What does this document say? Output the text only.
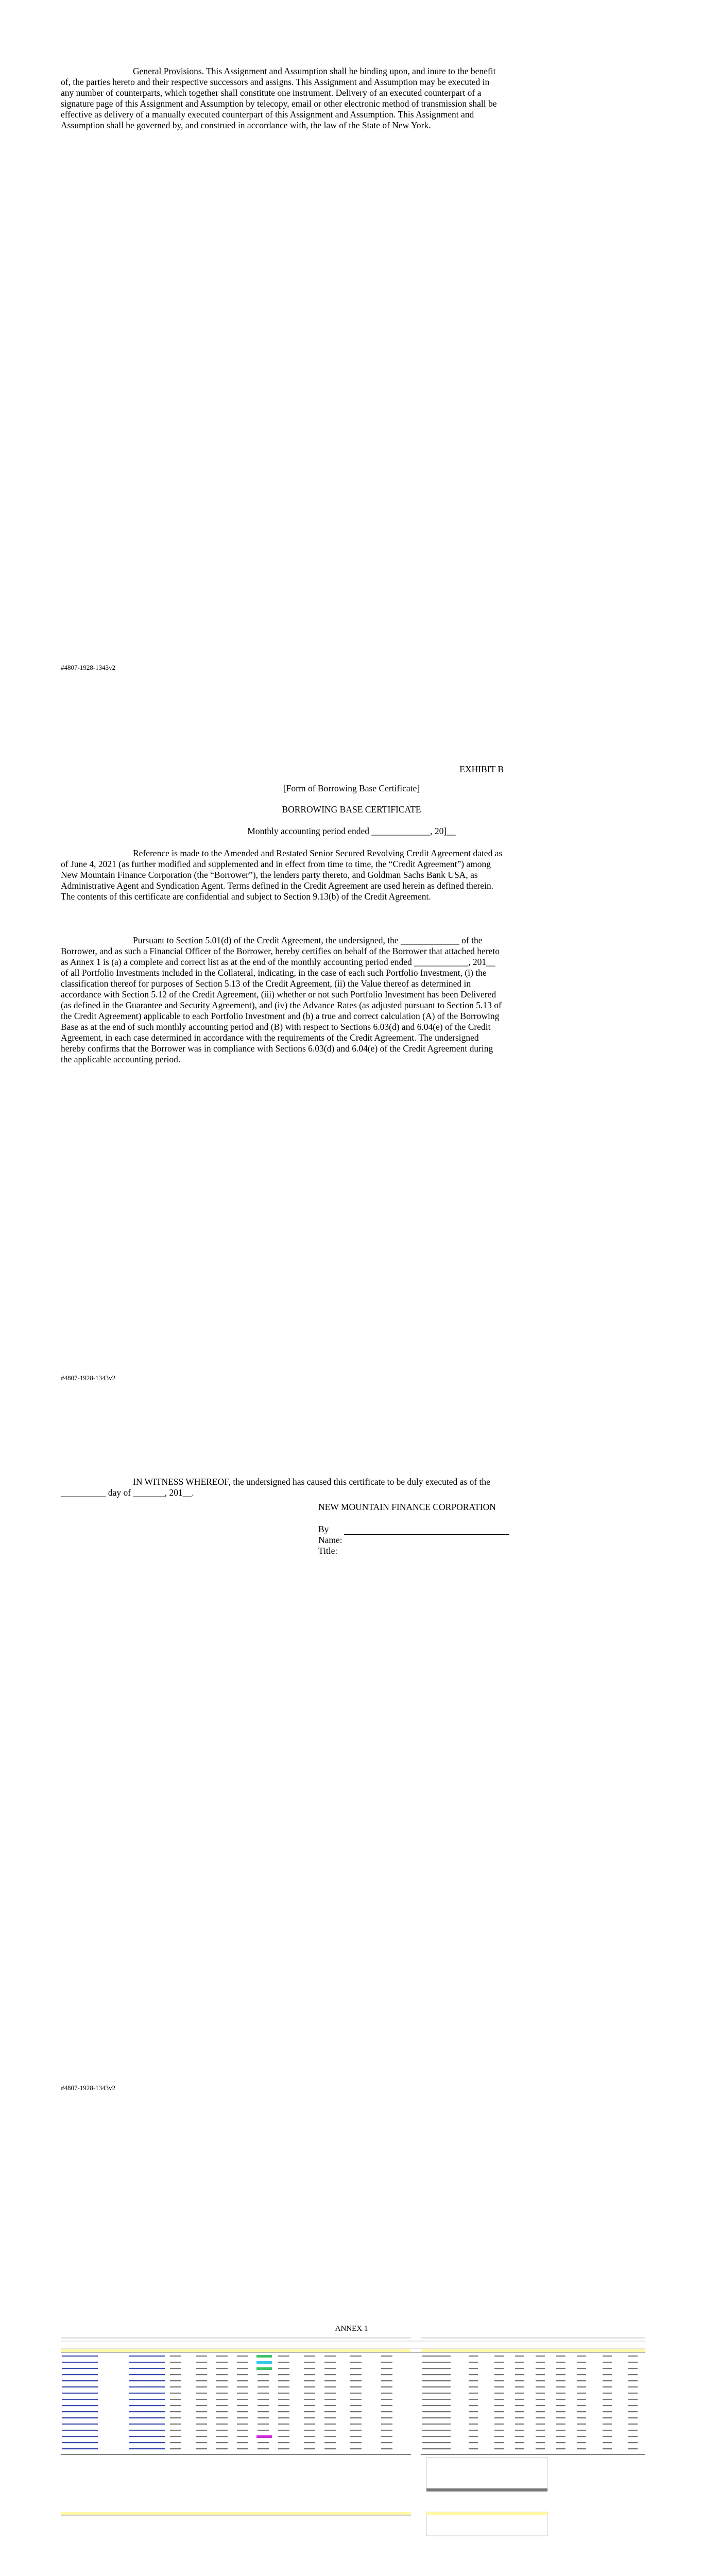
General Provisions. This Assignment and Assumption shall be binding upon, and inure to the benefit of, the parties hereto and their respective successors and assigns. This Assignment and Assumption may be executed in any number of counterparts, which together shall constitute one instrument. Delivery of an executed counterpart of a signature page of this Assignment and Assumption by telecopy, email or other electronic method of transmission shall be effective as delivery of a manually executed counterpart of this Assignment and Assumption. This Assignment and Assumption shall be governed by, and construed in accordance with, the law of the State of New York.
#4807-1928-1343v2
EXHIBIT B
[Form of Borrowing Base Certificate]
BORROWING BASE CERTIFICATE
Monthly accounting period ended _____________, 20]__
Reference is made to the Amended and Restated Senior Secured Revolving Credit Agreement dated as of June 4, 2021 (as further modified and supplemented and in effect from time to time, the “Credit Agreement”) among New Mountain Finance Corporation (the “Borrower”), the lenders party thereto, and Goldman Sachs Bank USA, as Administrative Agent and Syndication Agent. Terms defined in the Credit Agreement are used herein as defined therein. The contents of this certificate are confidential and subject to Section 9.13(b) of the Credit Agreement.
Pursuant to Section 5.01(d) of the Credit Agreement, the undersigned, the _____________ of the Borrower, and as such a Financial Officer of the Borrower, hereby certifies on behalf of the Borrower that attached hereto as Annex 1 is (a) a complete and correct list as at the end of the monthly accounting period ended ____________, 201__ of all Portfolio Investments included in the Collateral, indicating, in the case of each such Portfolio Investment, (i) the classification thereof for purposes of Section 5.13 of the Credit Agreement, (ii) the Value thereof as determined in accordance with Section 5.12 of the Credit Agreement, (iii) whether or not such Portfolio Investment has been Delivered (as defined in the Guarantee and Security Agreement), and (iv) the Advance Rates (as adjusted pursuant to Section 5.13 of the Credit Agreement) applicable to each Portfolio Investment and (b) a true and correct calculation (A) of the Borrowing Base as at the end of such monthly accounting period and (B) with respect to Sections 6.03(d) and 6.04(e) of the Credit Agreement, in each case determined in accordance with the requirements of the Credit Agreement. The undersigned hereby confirms that the Borrower was in compliance with Sections 6.03(d) and 6.04(e) of the Credit Agreement during the applicable accounting period.
#4807-1928-1343v2
IN WITNESS WHEREOF, the undersigned has caused this certificate to be duly executed as of the __________ day of _______, 201__.
NEW MOUNTAIN FINANCE CORPORATION
By
Name:
Title:
#4807-1928-1343v2
ANNEX 1
